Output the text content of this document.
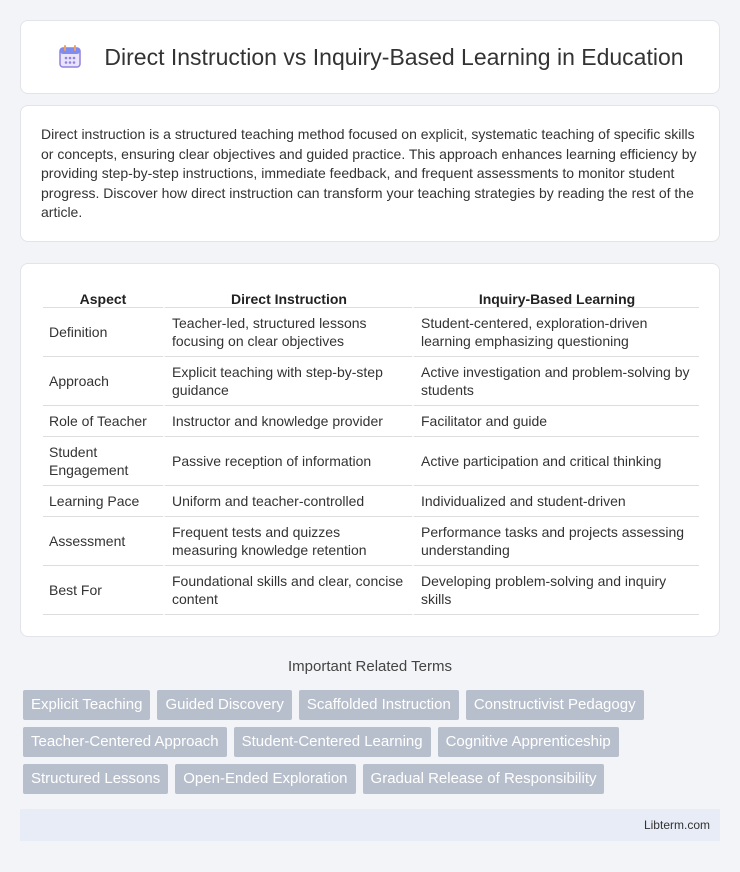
Direct Instruction vs Inquiry-Based Learning in Education

Direct instruction is a structured teaching method focused on explicit, systematic teaching of specific skills or concepts, ensuring clear objectives and guided practice. This approach enhances learning efficiency by providing step-by-step instructions, immediate feedback, and frequent assessments to monitor student progress. Discover how direct instruction can transform your teaching strategies by reading the rest of the article.

Aspect	Direct Instruction	Inquiry-Based Learning
Definition	Teacher-led, structured lessons focusing on clear objectives	Student-centered, exploration-driven learning emphasizing questioning
Approach	Explicit teaching with step-by-step guidance	Active investigation and problem-solving by students
Role of Teacher	Instructor and knowledge provider	Facilitator and guide
Student Engagement	Passive reception of information	Active participation and critical thinking
Learning Pace	Uniform and teacher-controlled	Individualized and student-driven
Assessment	Frequent tests and quizzes measuring knowledge retention	Performance tasks and projects assessing understanding
Best For	Foundational skills and clear, concise content	Developing problem-solving and inquiry skills
Important Related Terms
Explicit Teaching	Guided Discovery	Scaffolded Instruction	Constructivist Pedagogy
Teacher-Centered Approach	Student-Centered Learning	Cognitive Apprenticeship
Structured Lessons	Open-Ended Exploration	Gradual Release of Responsibility
Libterm.com
